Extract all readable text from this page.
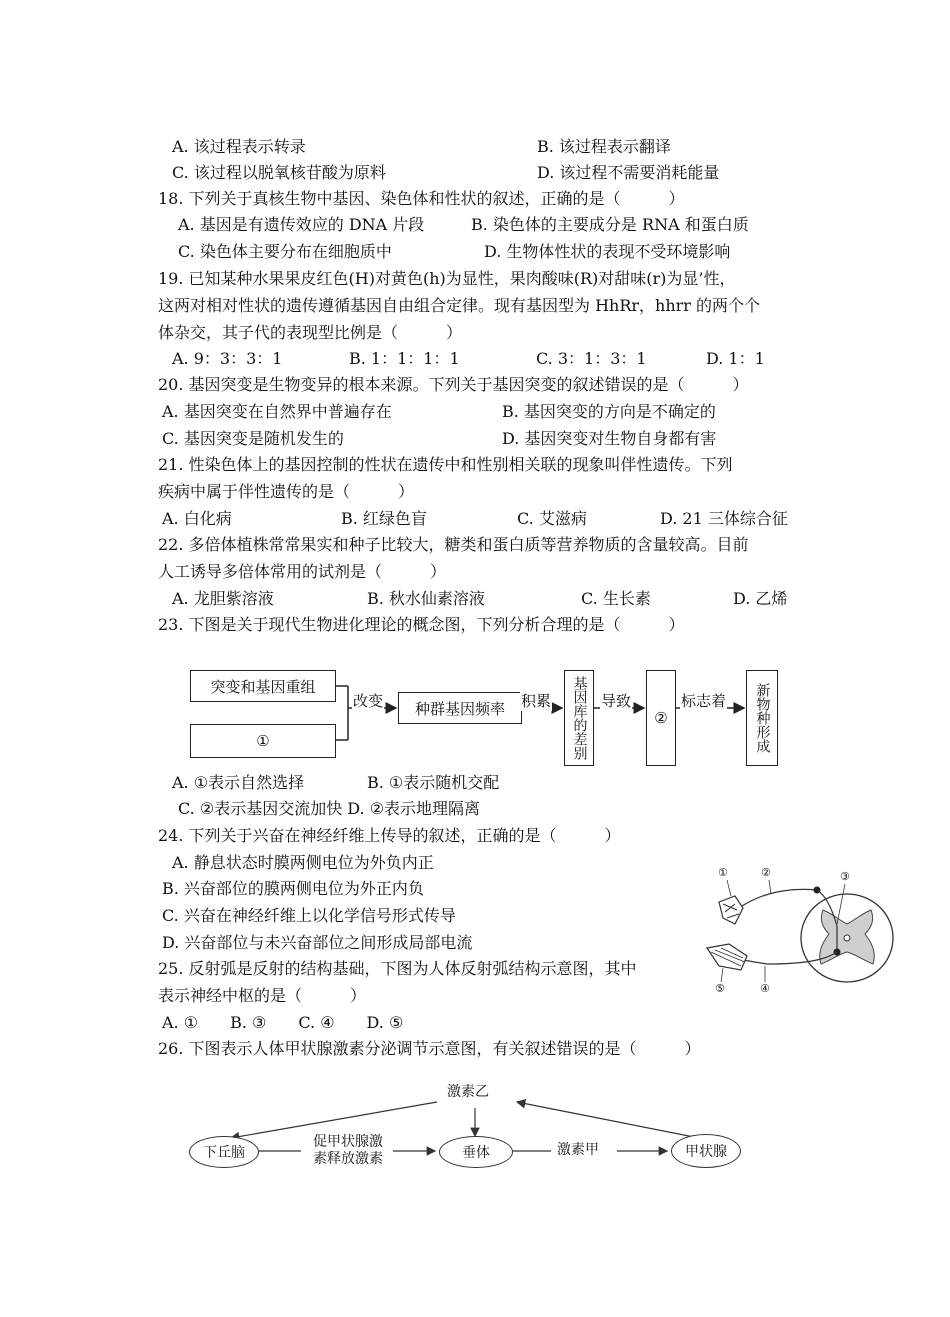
A. 该过程表示转录	B. 该过程表示翻译
C. 该过程以脱氧核苷酸为原料	D. 该过程不需要消耗能量
18. 下列关于真核生物中基因、染色体和性状的叙述，正确的是（　　　）
A. 基因是有遗传效应的 DNA 片段	B. 染色体的主要成分是 RNA 和蛋白质
C. 染色体主要分布在细胞质中	D. 生物体性状的表现不受环境影响
19. 已知某种水果果皮红色(H)对黄色(h)为显性，果肉酸味(R)对甜味(r)为显’性，
这两对相对性状的遗传遵循基因自由组合定律。现有基因型为 HhRr，hhrr 的两个个
体杂交，其子代的表现型比例是（　　　）
A. 9：3：3：1	B. 1：1：1：1	C. 3：1：3：1	D. 1：1
20. 基因突变是生物变异的根本来源。下列关于基因突变的叙述错误的是（　　　）
A. 基因突变在自然界中普遍存在	B. 基因突变的方向是不确定的
C. 基因突变是随机发生的	D. 基因突变对生物自身都有害
21. 性染色体上的基因控制的性状在遗传中和性别相关联的现象叫伴性遗传。下列
疾病中属于伴性遗传的是（　　　）
A. 白化病	B. 红绿色盲	C. 艾滋病	D. 21 三体综合征
22. 多倍体植株常常果实和种子比较大，糖类和蛋白质等营养物质的含量较高。目前
人工诱导多倍体常用的试剂是（　　　）
A. 龙胆紫溶液	B. 秋水仙素溶液	C. 生长素	D. 乙烯
23. 下图是关于现代生物进化理论的概念图，下列分析合理的是（　　　）
突变和基因重组
①
改变	种群基因频率	积累	基因库的差别 导致
②
标志着	新物种形成
A. ①表示自然选择	B. ①表示随机交配
C. ②表示基因交流加快 D. ②表示地理隔离
24. 下列关于兴奋在神经纤维上传导的叙述，正确的是（　　　）
A. 静息状态时膜两侧电位为外负内正
B. 兴奋部位的膜两侧电位为外正内负
C. 兴奋在神经纤维上以化学信号形式传导
D. 兴奋部位与未兴奋部位之间形成局部电流
25. 反射弧是反射的结构基础，下图为人体反射弧结构示意图，其中
表示神经中枢的是（　　　）
A. ①　　B. ③　　C. ④　　D. ⑤
①	②	③
④
⑤
26. 下图表示人体甲状腺激素分泌调节示意图，有关叙述错误的是（　　　）
激素乙
下丘脑
促甲状腺激
素释放激素	垂体	激素甲	甲状腺
